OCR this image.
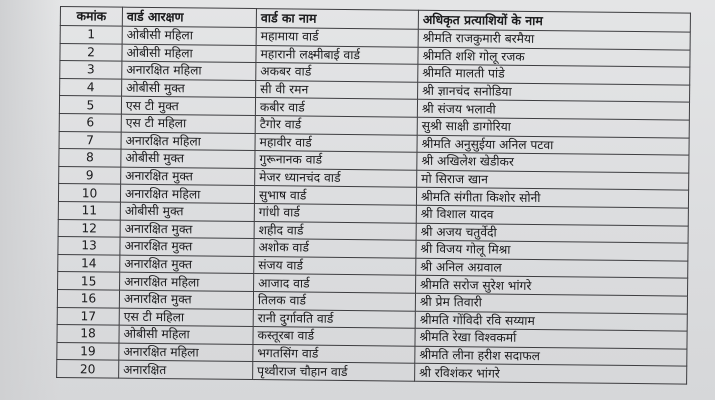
कमांक	वार्ड आरक्षण	वार्ड का नाम	अधिकृत प्रत्याशियों के नाम
1	ओबीसी महिला	महामाया वार्ड	श्रीमति राजकुमारी बरमैया
2	ओबीसी महिला	महारानी लक्ष्मीबाई वार्ड	श्रीमति शशि गोलू रजक
3	अनारक्षित महिला	अकबर वार्ड	श्रीमति मालती पांडे
4	ओबीसी मुक्त	सी वी रमन	श्री ज्ञानचंद सनोडिया
5	एस टी मुक्त	कबीर वार्ड	श्री संजय भलावी
6	एस टी महिला	टैगोर वार्ड	सुश्री साक्षी डागोरिया
7	अनारक्षित महिला	महावीर वार्ड	श्रीमति अनुसुईया अनिल पटवा
8	ओबीसी मुक्त	गुरूनानक वार्ड	श्री अखिलेश खेडीकर
9	अनारक्षित मुक्त	मेजर ध्यानचंद वार्ड	मो सिराज खान
10	अनारक्षित महिला	सुभाष वार्ड	श्रीमति संगीता किशोर सोनी
11	ओबीसी मुक्त	गांधी वार्ड	श्री विशाल यादव
12	अनारक्षित मुक्त	शहीद वार्ड	श्री अजय चतुर्वेदी
13	अनारक्षित मुक्त	अशोक वार्ड	श्री विजय गोलू मिश्रा
14	अनारक्षित मुक्त	संजय वार्ड	श्री अनिल अग्रवाल
15	अनारक्षित महिला	आजाद वार्ड	श्रीमति सरोज सुरेश भांगरे
16	अनारक्षित मुक्त	तिलक वार्ड	श्री प्रेम तिवारी
17	एस टी महिला	रानी दुर्गावति वार्ड	श्रीमति गोंविदी रवि सय्याम
18	ओबीसी महिला	कस्तूरबा वार्ड	श्रीमति रेखा विश्वकर्मा
19	अनारक्षित महिला	भगतसिंग वार्ड	श्रीमति लीना हरीश सदाफल
20	अनारक्षित	पृथ्वीराज चौहान वार्ड	श्री रविशंकर भांगरे
